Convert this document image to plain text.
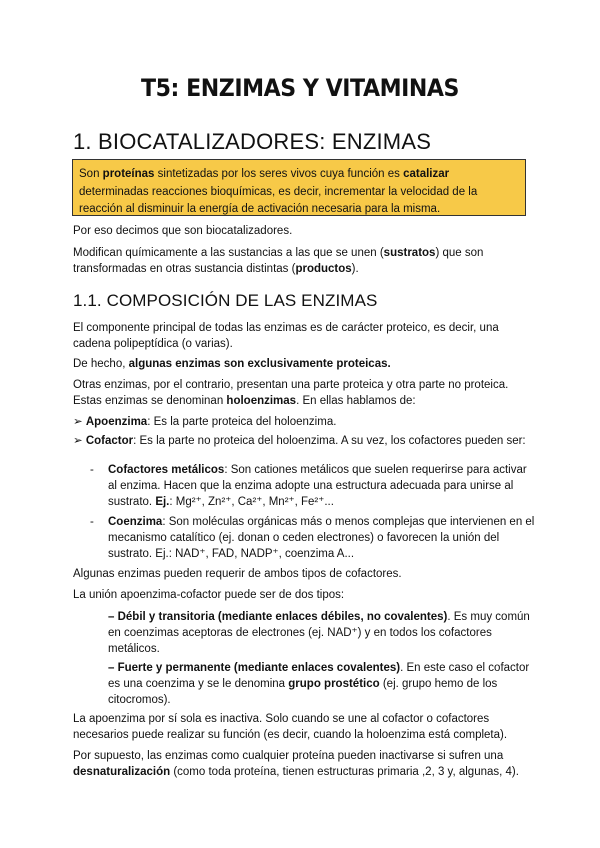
T5: ENZIMAS Y VITAMINAS
1. BIOCATALIZADORES: ENZIMAS
Son proteínas sintetizadas por los seres vivos cuya función es catalizar determinadas reacciones bioquímicas, es decir, incrementar la velocidad de la reacción al disminuir la energía de activación necesaria para la misma.
Por eso decimos que son biocatalizadores.
Modifican químicamente a las sustancias a las que se unen (sustratos) que son transformadas en otras sustancia distintas (productos).
1.1. COMPOSICIÓN DE LAS ENZIMAS
El componente principal de todas las enzimas es de carácter proteico, es decir, una cadena polipeptídica (o varias).
De hecho, algunas enzimas son exclusivamente proteicas.
Otras enzimas, por el contrario, presentan una parte proteica y otra parte no proteica. Estas enzimas se denominan holoenzimas. En ellas hablamos de:
➢ Apoenzima: Es la parte proteica del holoenzima.
➢ Cofactor: Es la parte no proteica del holoenzima. A su vez, los cofactores pueden ser:
- Cofactores metálicos: Son cationes metálicos que suelen requerirse para activar al enzima. Hacen que la enzima adopte una estructura adecuada para unirse al sustrato. Ej.: Mg²⁺, Zn²⁺, Ca²⁺, Mn²⁺, Fe²⁺...
- Coenzima: Son moléculas orgánicas más o menos complejas que intervienen en el mecanismo catalítico (ej. donan o ceden electrones) o favorecen la unión del sustrato. Ej.: NAD⁺, FAD, NADP⁺, coenzima A...
Algunas enzimas pueden requerir de ambos tipos de cofactores.
La unión apoenzima-cofactor puede ser de dos tipos:
– Débil y transitoria (mediante enlaces débiles, no covalentes). Es muy común en coenzimas aceptoras de electrones (ej. NAD⁺) y en todos los cofactores metálicos.
– Fuerte y permanente (mediante enlaces covalentes). En este caso el cofactor es una coenzima y se le denomina grupo prostético (ej. grupo hemo de los citocromos).
La apoenzima por sí sola es inactiva. Solo cuando se une al cofactor o cofactores necesarios puede realizar su función (es decir, cuando la holoenzima está completa).
Por supuesto, las enzimas como cualquier proteína pueden inactivarse si sufren una desnaturalización (como toda proteína, tienen estructuras primaria ,2, 3 y, algunas, 4).
